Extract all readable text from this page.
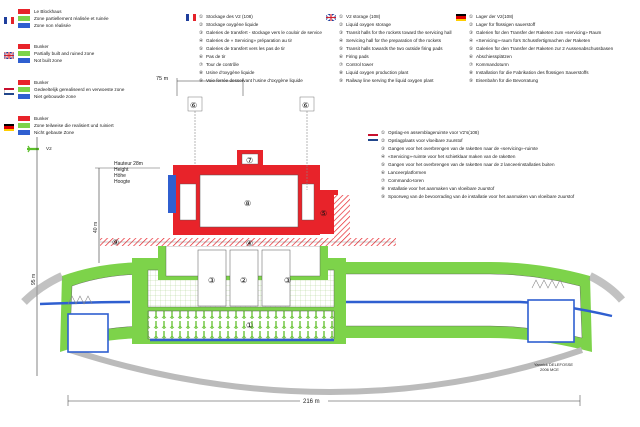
Le Blockhaus
Zone partiellement réalisée et ruinée
Zone non réalisée
Bunker
Partially built and ruined zone
Not built zone
Bunker
Gedeeltelijk gerealiseerd en verwoeste zone
Niet gebouwde zone
Bunker
Zone teilweise die realisiert und ruiniert
Nicht gebaute Zone
V2
① Stockage des V2 (108)
② Stockage oxygène liquide
③ Galeries de transfert - stockage vers le couloir de service
④ Galeries de « Servicing» préparation au tir
⑤ Galeries de transfert vers les pas de tir
⑥ Pas de tir
⑦ Tour de contrôle
⑧ Usine d'oxygène liquide
⑨ Voie ferrée desservant l'usine d'oxygène liquide
① V2 storage (108)
② Liquid oxygen storage
③ Transit halls for the rockets toward the servicing hall
④ Servicing hall for the preparation of the rockets
⑤ Transit halls towards the two outside firing pads
⑥ Firing pads
⑦ Control tower
⑧ Liquid oxygen production plant
⑨ Railway line serving the liquid oxygen plant
① Lager der V2(108)
② Lager für flüssigen sauerstoff
③ Galerien für den Transfer der Raketen zum «servicing» Raum
④ «Servicing»-raum fürs Schussfertigmachen der Raketen
⑤ Galerien für den Transfer der Raketen zur 2 Aussenabschussbasen
⑥ Abschiessplätzen
⑦ Kommandoturm
⑧ Installation für die Fabrikation des flüssigen Sauerstoffs
⑨ Eisenbahn für die Bevorratung
① Opslag-en assemblageruimte voor V2's(108)
② Opslagplaats voor vloeibare zuurstof
③ Gangen voor het overbrengen van de raketten naar de «servicing»-ruimte
④ «Servicing»-ruimte voor het schietklaar maken van de raketten
⑤ Gangen voor het overbrengen van de raketten naar de 2 lanceerinstallaties buiten
⑥ Lanceerplatformen
⑦ Commando-toren
⑧ Installatie voor het aanmaken van vloeibare zuurstof
⑨ Spoorweg van de bevoorrading van de installatie voor het aanmaken van vloeibare zuurstof
Hauteur 28m
Height
Höhe
Hoogte
75 m
40 m
95 m
216 m
⑥	⑥
⑦
⑧
⑤
⑨	④
③	②	③
①
Yannick DELEFOSSE
2006 MCE
